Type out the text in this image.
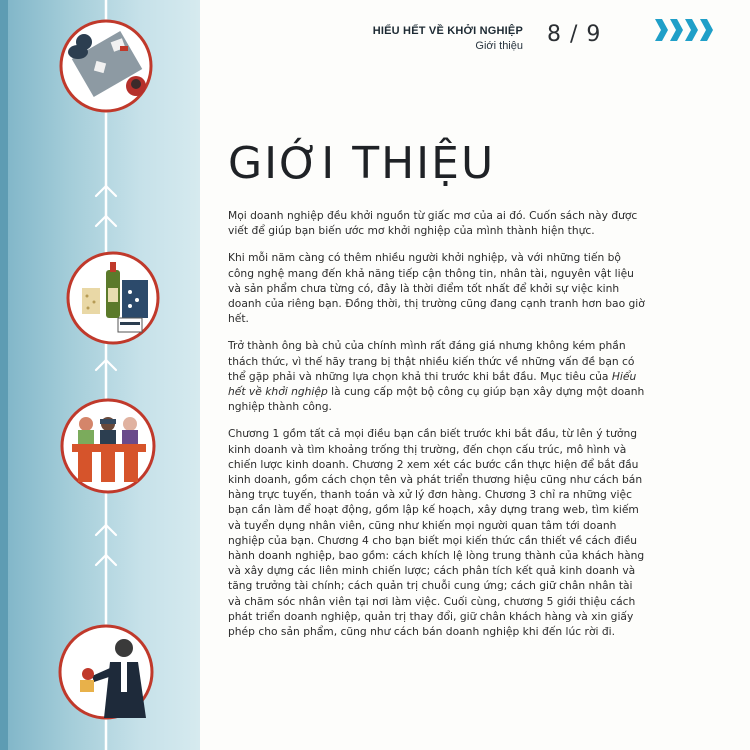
HIỂU HẾT VỀ KHỞI NGHIỆP
Giới thiệu 8 / 9
GIỚI THIỆU

Mọi doanh nghiệp đều khởi nguồn từ giấc mơ của ai đó. Cuốn sách này được viết để giúp bạn biến ước mơ khởi nghiệp của mình thành hiện thực.

Khi mỗi năm càng có thêm nhiều người khởi nghiệp, và với những tiến bộ công nghệ mang đến khả năng tiếp cận thông tin, nhân tài, nguyên vật liệu và sản phẩm chưa từng có, đây là thời điểm tốt nhất để khởi sự việc kinh doanh của riêng bạn. Đồng thời, thị trường cũng đang cạnh tranh hơn bao giờ hết.

Trở thành ông bà chủ của chính mình rất đáng giá nhưng không kém phần thách thức, vì thế hãy trang bị thật nhiều kiến thức về những vấn đề bạn có thể gặp phải và những lựa chọn khả thi trước khi bắt đầu. Mục tiêu của Hiểu hết về khởi nghiệp là cung cấp một bộ công cụ giúp bạn xây dựng một doanh nghiệp thành công.

Chương 1 gồm tất cả mọi điều bạn cần biết trước khi bắt đầu, từ lên ý tưởng kinh doanh và tìm khoảng trống thị trường, đến chọn cấu trúc, mô hình và chiến lược kinh doanh. Chương 2 xem xét các bước cần thực hiện để bắt đầu kinh doanh, gồm cách chọn tên và phát triển thương hiệu cũng như cách bán hàng trực tuyến, thanh toán và xử lý đơn hàng. Chương 3 chỉ ra những việc bạn cần làm để hoạt động, gồm lập kế hoạch, xây dựng trang web, tìm kiếm và tuyển dụng nhân viên, cũng như khiến mọi người quan tâm tới doanh nghiệp của bạn. Chương 4 cho bạn biết mọi kiến thức cần thiết về cách điều hành doanh nghiệp, bao gồm: cách khích lệ lòng trung thành của khách hàng và xây dựng các liên minh chiến lược; cách phân tích kết quả kinh doanh và tăng trưởng tài chính; cách quản trị chuỗi cung ứng; cách giữ chân nhân tài và chăm sóc nhân viên tại nơi làm việc. Cuối cùng, chương 5 giới thiệu cách phát triển doanh nghiệp, quản trị thay đổi, giữ chân khách hàng và xin giấy phép cho sản phẩm, cũng như cách bán doanh nghiệp khi đến lúc rời đi.
